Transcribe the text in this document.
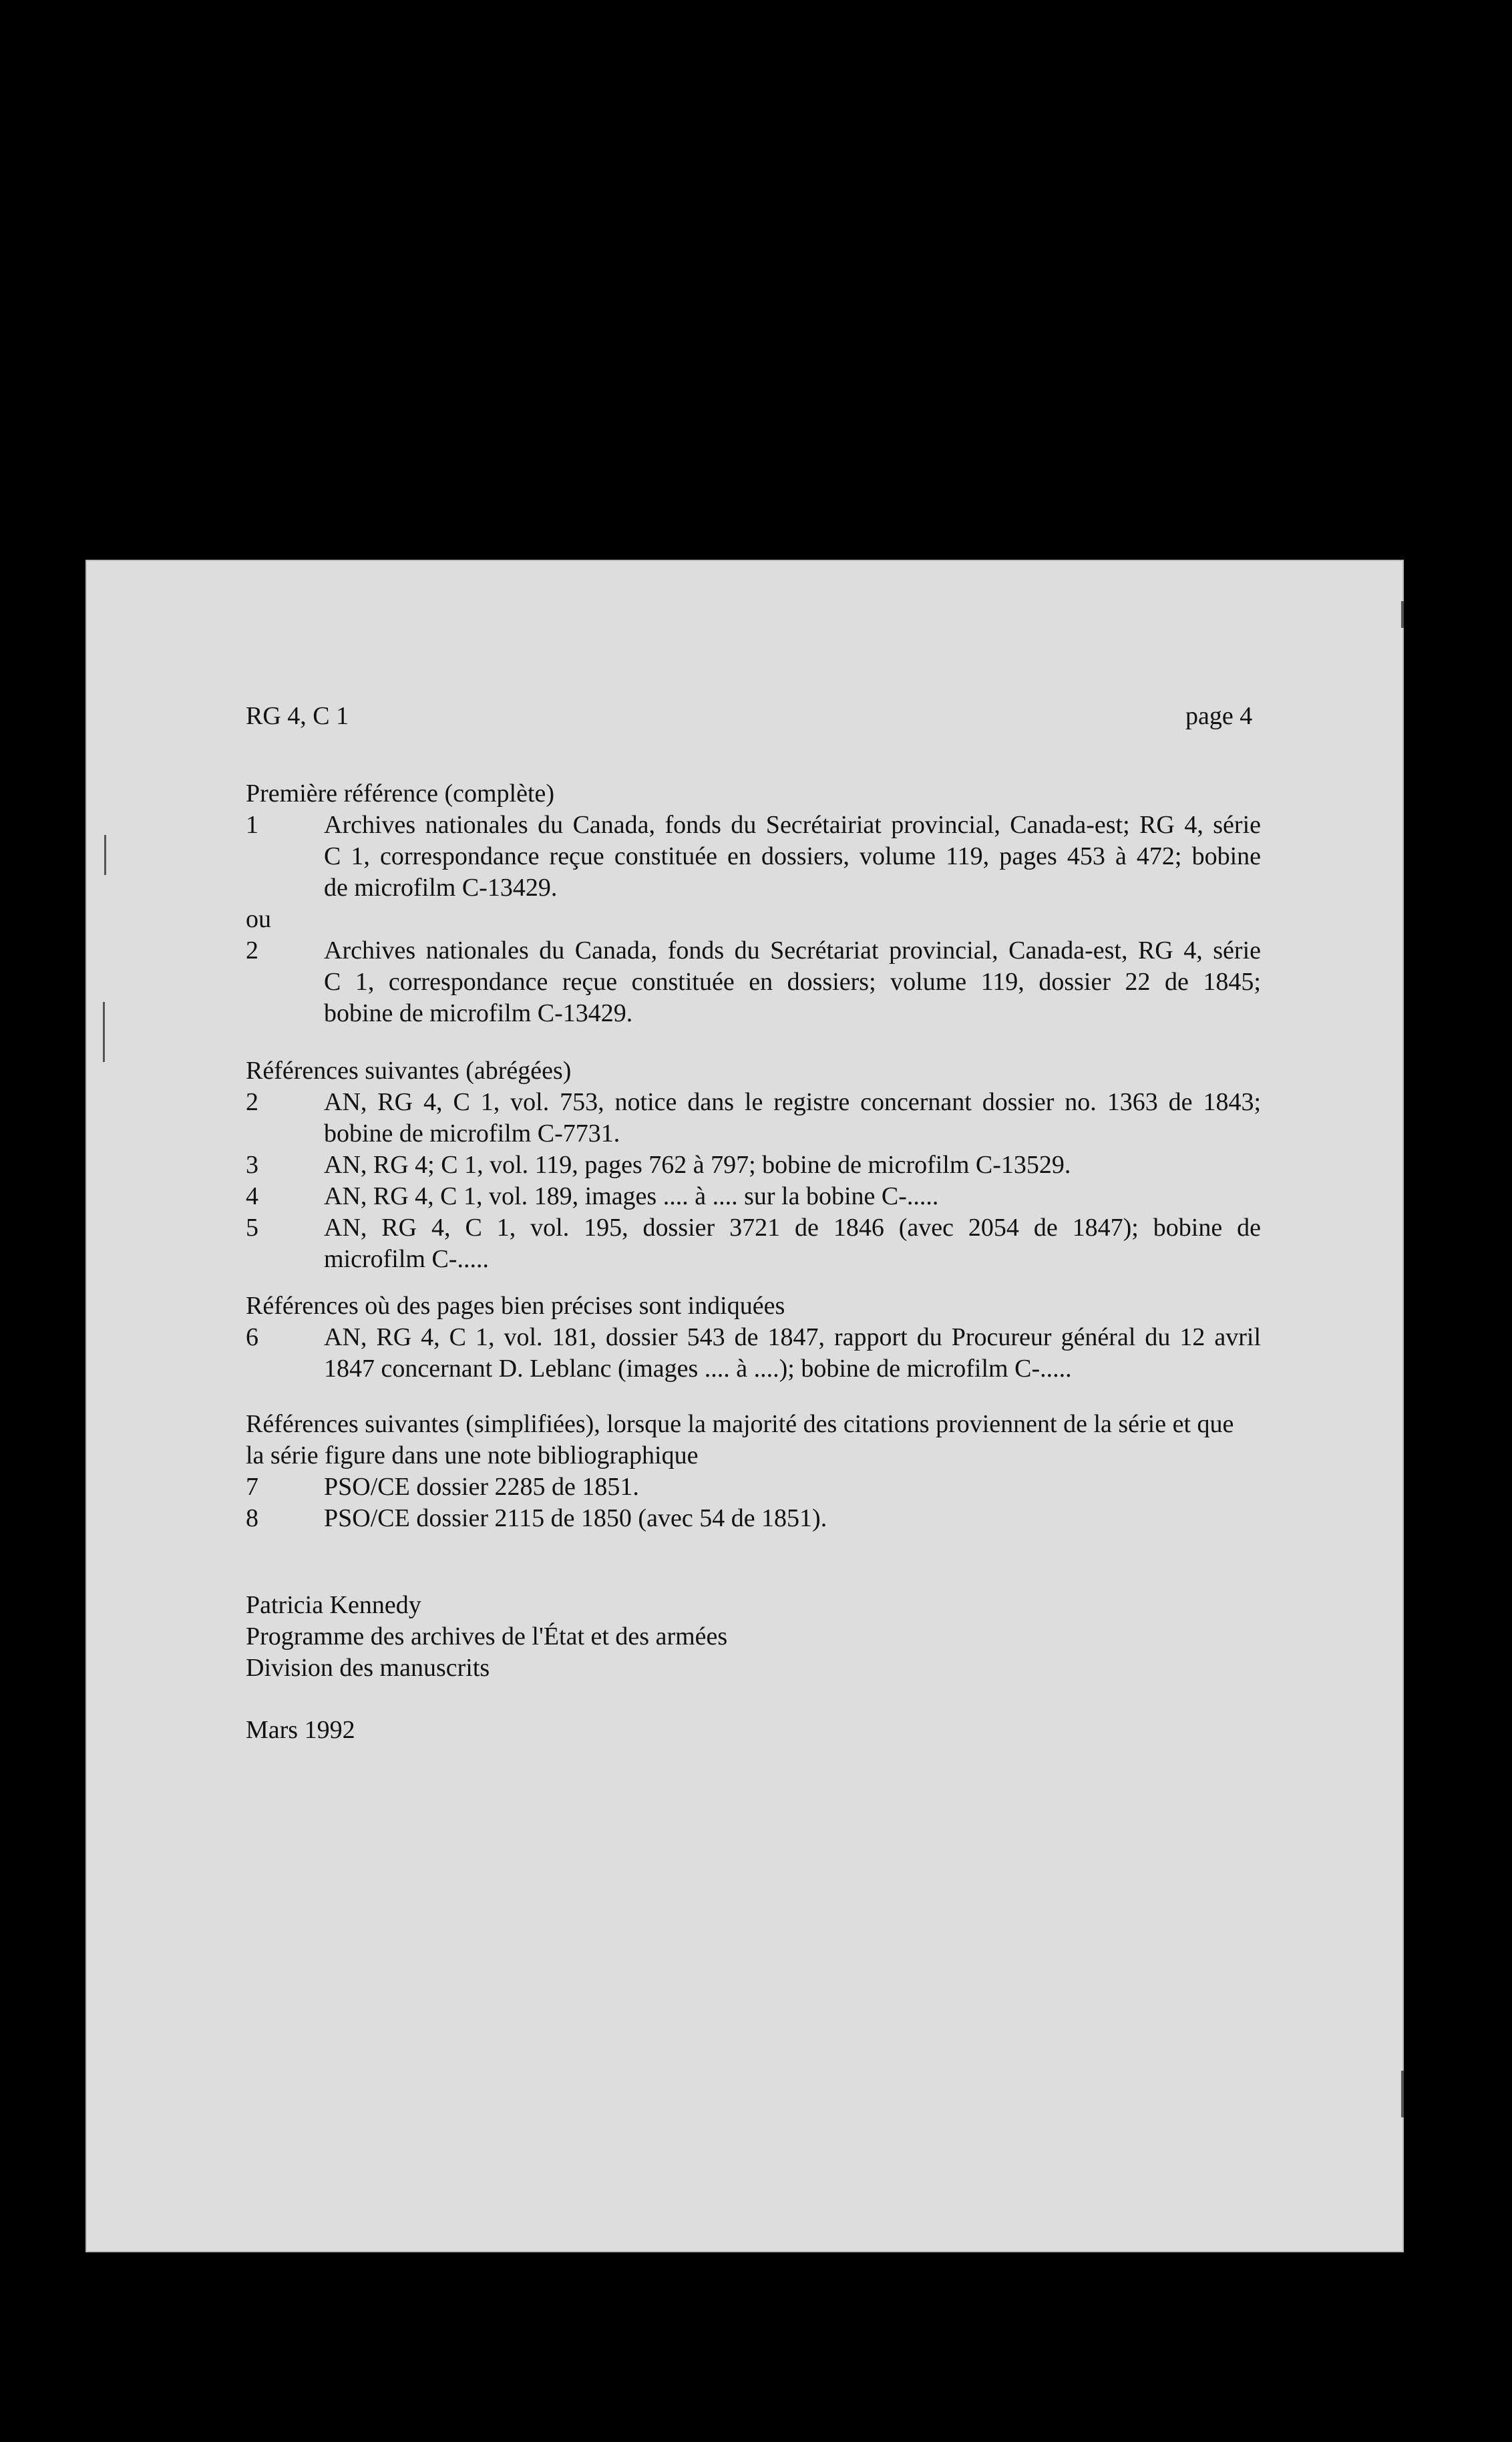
RG 4, C 1	page 4
Première référence (complète)
1	Archives nationales du Canada, fonds du Secrétairiat provincial, Canada-est; RG 4, série
C 1, correspondance reçue constituée en dossiers, volume 119, pages 453 à 472; bobine
de microfilm C-13429.
ou
2	Archives nationales du Canada, fonds du Secrétariat provincial, Canada-est, RG 4, série
C 1, correspondance reçue constituée en dossiers; volume 119, dossier 22 de 1845;
bobine de microfilm C-13429.
Références suivantes (abrégées)
2	AN, RG 4, C 1, vol. 753, notice dans le registre concernant dossier no. 1363 de 1843;
bobine de microfilm C-7731.
3	AN, RG 4; C 1, vol. 119, pages 762 à 797; bobine de microfilm C-13529.
4	AN, RG 4, C 1, vol. 189, images .... à .... sur la bobine C-.....
5	AN, RG 4, C 1, vol. 195, dossier 3721 de 1846 (avec 2054 de 1847); bobine de
microfilm C-.....
Références où des pages bien précises sont indiquées
6	AN, RG 4, C 1, vol. 181, dossier 543 de 1847, rapport du Procureur général du 12 avril
1847 concernant D. Leblanc (images .... à ....); bobine de microfilm C-.....
Références suivantes (simplifiées), lorsque la majorité des citations proviennent de la série et que
la série figure dans une note bibliographique
7	PSO/CE dossier 2285 de 1851.
8	PSO/CE dossier 2115 de 1850 (avec 54 de 1851).
Patricia Kennedy
Programme des archives de l'État et des armées
Division des manuscrits
Mars 1992
